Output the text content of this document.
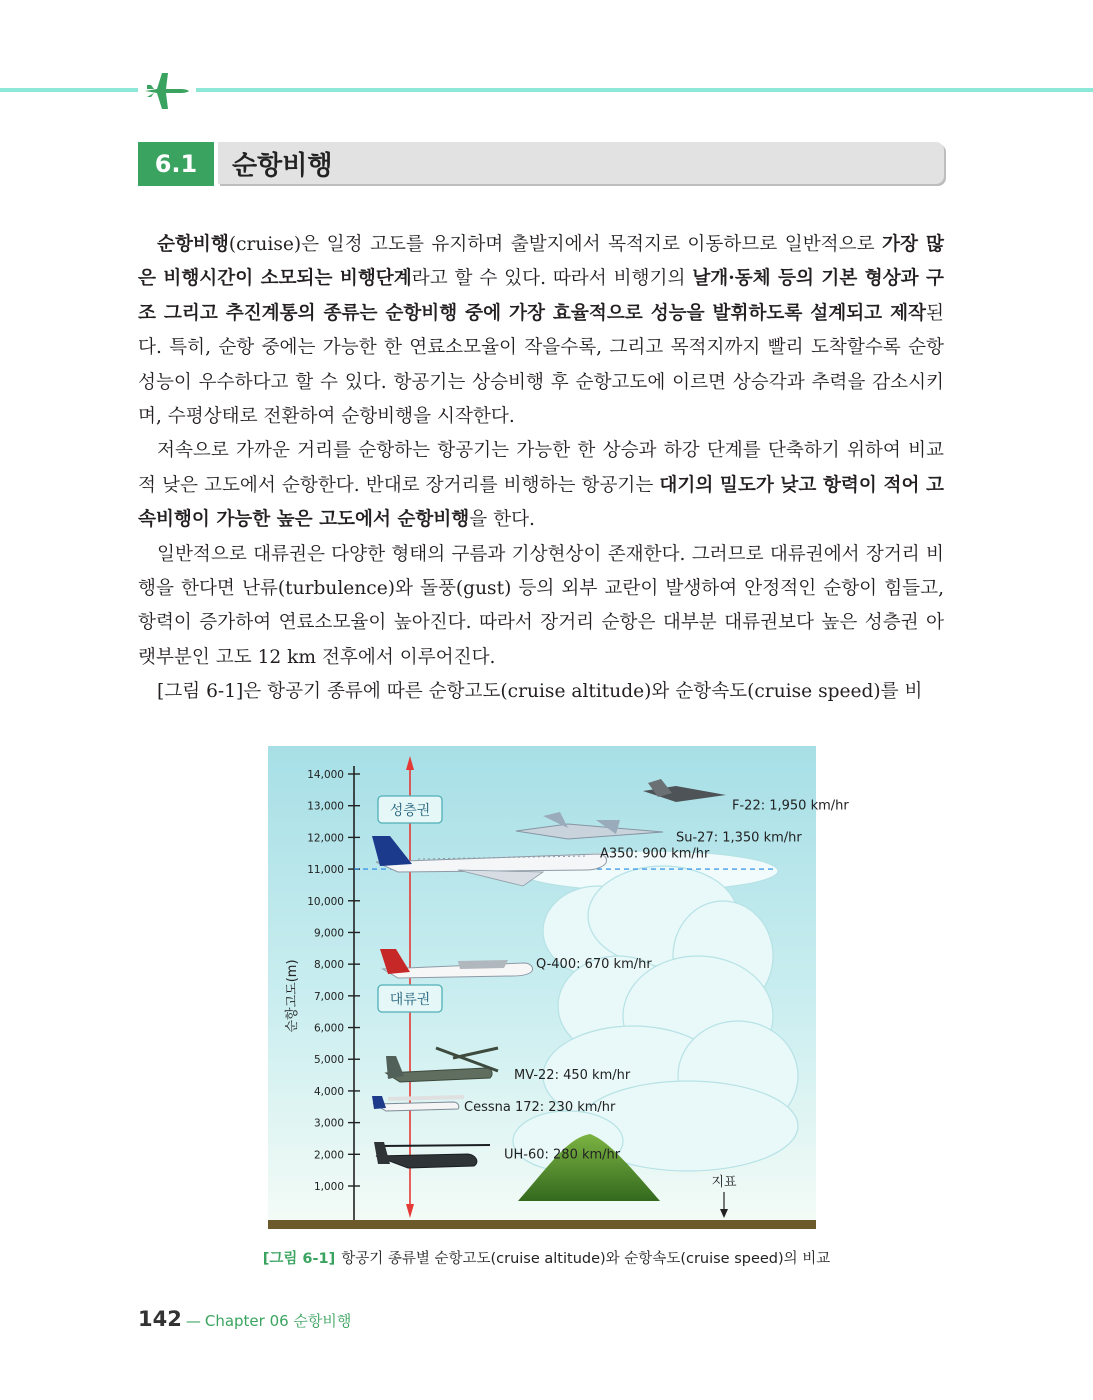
6.1	순항비행

순항비행(cruise)은 일정 고도를 유지하며 출발지에서 목적지로 이동하므로 일반적으로 가장 많은 비행시간이 소모되는 비행단계라고 할 수 있다. 따라서 비행기의 날개·동체 등의 기본 형상과 구조 그리고 추진계통의 종류는 순항비행 중에 가장 효율적으로 성능을 발휘하도록 설계되고 제작된다. 특히, 순항 중에는 가능한 한 연료소모율이 작을수록, 그리고 목적지까지 빨리 도착할수록 순항성능이 우수하다고 할 수 있다. 항공기는 상승비행 후 순항고도에 이르면 상승각과 추력을 감소시키며, 수평상태로 전환하여 순항비행을 시작한다.

저속으로 가까운 거리를 순항하는 항공기는 가능한 한 상승과 하강 단계를 단축하기 위하여 비교적 낮은 고도에서 순항한다. 반대로 장거리를 비행하는 항공기는 대기의 밀도가 낮고 항력이 적어 고속비행이 가능한 높은 고도에서 순항비행을 한다.

일반적으로 대류권은 다양한 형태의 구름과 기상현상이 존재한다. 그러므로 대류권에서 장거리 비행을 한다면 난류(turbulence)와 돌풍(gust) 등의 외부 교란이 발생하여 안정적인 순항이 힘들고, 항력이 증가하여 연료소모율이 높아진다. 따라서 장거리 순항은 대부분 대류권보다 높은 성층권 아랫부분인 고도 12 km 전후에서 이루어진다.

[그림 6-1]은 항공기 종류에 따른 순항고도(cruise altitude)와 순항속도(cruise speed)를 비

14,000
13,000
12,000
11,000
10,000
9,000
8,000
7,000
6,000
5,000
4,000
3,000
2,000
1,000
순항고도(m)
성층권
대류권
F-22: 1,950 km/hr
Su-27: 1,350 km/hr
A350: 900 km/hr
Q-400: 670 km/hr
MV-22: 450 km/hr
Cessna 172: 230 km/hr
UH-60: 280 km/hr
지표
[그림 6-1] 항공기 종류별 순항고도(cruise altitude)와 순항속도(cruise speed)의 비교
142 — Chapter 06 순항비행
